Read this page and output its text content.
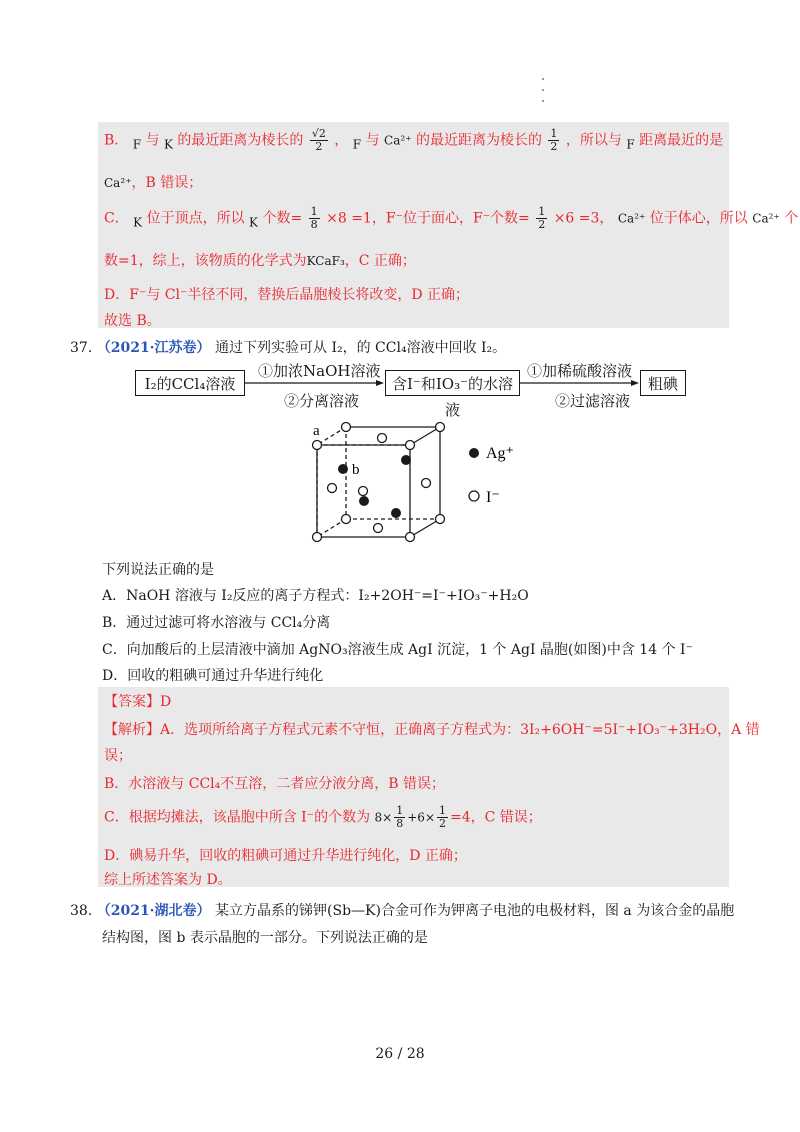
B． $_F$ 与 $_K$ 的最近距离为棱长的 $\frac{√2}{2}$ ， $_F$ 与 Ca²⁺ 的最近距离为棱长的 $\frac{1}{2}$ ，所以与 $_F$ 距离最近的是
Ca²⁺，B 错误；
C． $_K$ 位于顶点，所以 $_K$ 个数= $\frac{1}{8} \times 8 =1$，F⁻位于面心，F⁻个数= $\frac{1}{2} \times 6 =3$， Ca²⁺ 位于体心，所以 Ca²⁺ 个
数=1，综上，该物质的化学式为KCaF₃，C 正确；
D．F⁻与 Cl⁻半径不同，替换后晶胞棱长将改变，D 正确；
故选 B。
37. （2021·江苏卷） 通过下列实验可从 I₂，的 CCl₄溶液中回收 I₂。
I₂的CCl₄溶液
①加浓NaOH溶液
②分离溶液
含I⁻和IO₃⁻的水溶液
①加稀硫酸溶液
②过滤溶液
粗碘
a
b
Ag⁺
I⁻
下列说法正确的是
A．NaOH 溶液与 I₂反应的离子方程式：I₂+2OH⁻=I⁻+IO₃⁻+H₂O
B．通过过滤可将水溶液与 CCl₄分离
C．向加酸后的上层清液中滴加 AgNO₃溶液生成 AgI 沉淀，1 个 AgI 晶胞(如图)中含 14 个 I⁻
D．回收的粗碘可通过升华进行纯化
【答案】D
【解析】A．选项所给离子方程式元素不守恒，正确离子方程式为：3I₂+6OH⁻=5I⁻+IO₃⁻+3H₂O，A 错
误；
B．水溶液与 CCl₄不互溶，二者应分液分离，B 错误；
C．根据均摊法，该晶胞中所含 I⁻的个数为 $8\times \frac{1}{8} +6\times \frac{1}{2} =4$，C 错误；
D．碘易升华，回收的粗碘可通过升华进行纯化，D 正确；
综上所述答案为 D。
38. （2021·湖北卷） 某立方晶系的锑钾(Sb—K)合金可作为钾离子电池的电极材料，图 a 为该合金的晶胞
结构图，图 b 表示晶胞的一部分。下列说法正确的是
26 / 28
